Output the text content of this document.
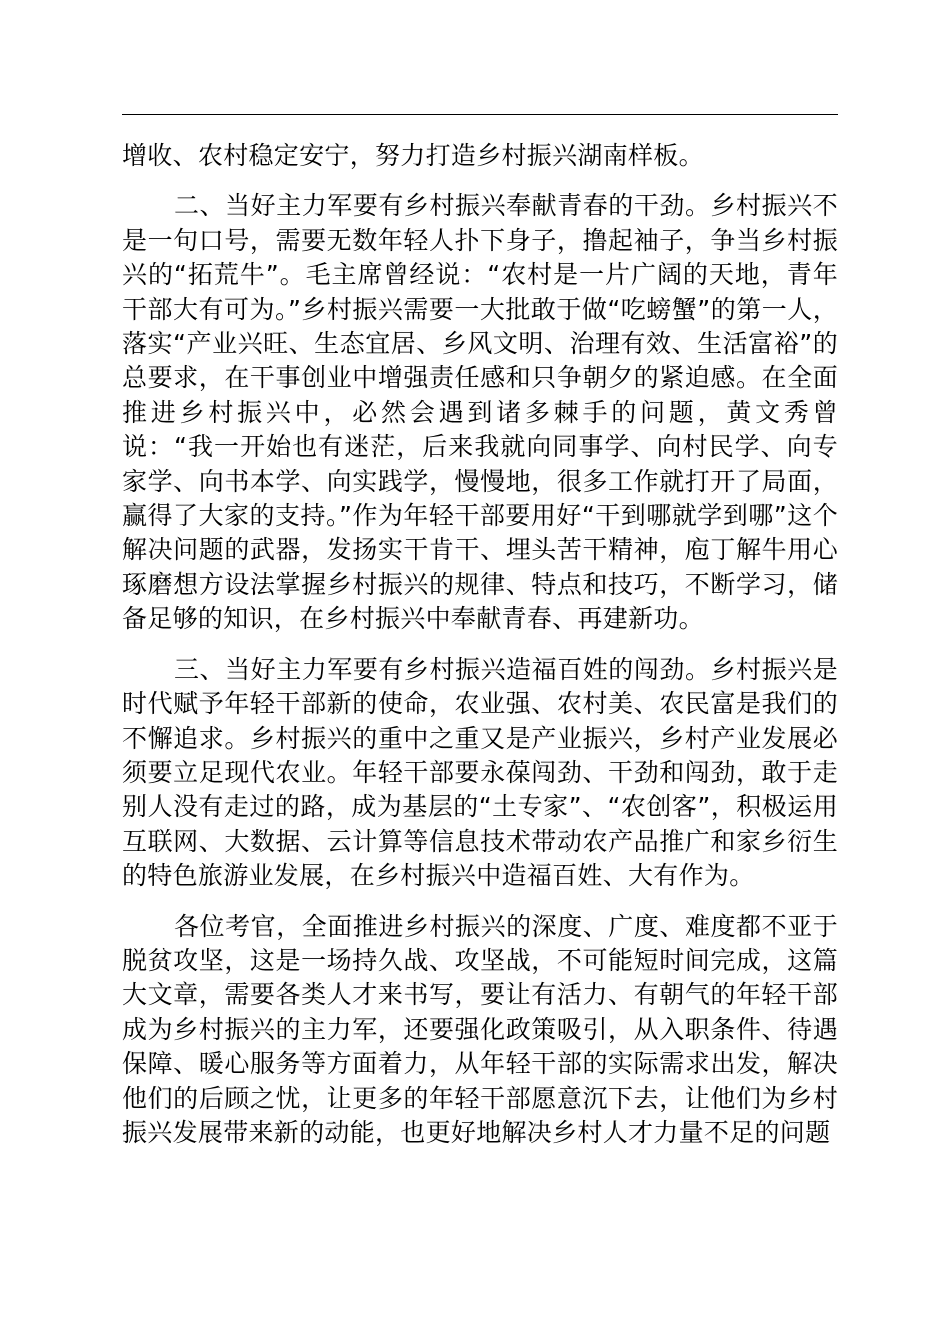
增收、农村稳定安宁，努力打造乡村振兴湖南样板。

二、当好主力军要有乡村振兴奉献青春的干劲。乡村振兴不是一句口号，需要无数年轻人扑下身子，撸起袖子，争当乡村振兴的“拓荒牛”。毛主席曾经说：“农村是一片广阔的天地，青年干部大有可为。”乡村振兴需要一大批敢于做“吃螃蟹”的第一人，落实“产业兴旺、生态宜居、乡风文明、治理有效、生活富裕”的总要求，在干事创业中增强责任感和只争朝夕的紧迫感。在全面推进乡村振兴中，必然会遇到诸多棘手的问题，黄文秀曾说：“我一开始也有迷茫，后来我就向同事学、向村民学、向专家学、向书本学、向实践学，慢慢地，很多工作就打开了局面，赢得了大家的支持。”作为年轻干部要用好“干到哪就学到哪”这个解决问题的武器，发扬实干肯干、埋头苦干精神，庖丁解牛用心琢磨想方设法掌握乡村振兴的规律、特点和技巧，不断学习，储备足够的知识，在乡村振兴中奉献青春、再建新功。

三、当好主力军要有乡村振兴造福百姓的闯劲。乡村振兴是时代赋予年轻干部新的使命，农业强、农村美、农民富是我们的不懈追求。乡村振兴的重中之重又是产业振兴，乡村产业发展必须要立足现代农业。年轻干部要永葆闯劲、干劲和闯劲，敢于走别人没有走过的路，成为基层的“土专家”、“农创客”，积极运用互联网、大数据、云计算等信息技术带动农产品推广和家乡衍生的特色旅游业发展，在乡村振兴中造福百姓、大有作为。

各位考官，全面推进乡村振兴的深度、广度、难度都不亚于脱贫攻坚，这是一场持久战、攻坚战，不可能短时间完成，这篇大文章，需要各类人才来书写，要让有活力、有朝气的年轻干部成为乡村振兴的主力军，还要强化政策吸引，从入职条件、待遇保障、暖心服务等方面着力，从年轻干部的实际需求出发，解决他们的后顾之忧，让更多的年轻干部愿意沉下去，让他们为乡村振兴发展带来新的动能，也更好地解决乡村人才力量不足的问题
